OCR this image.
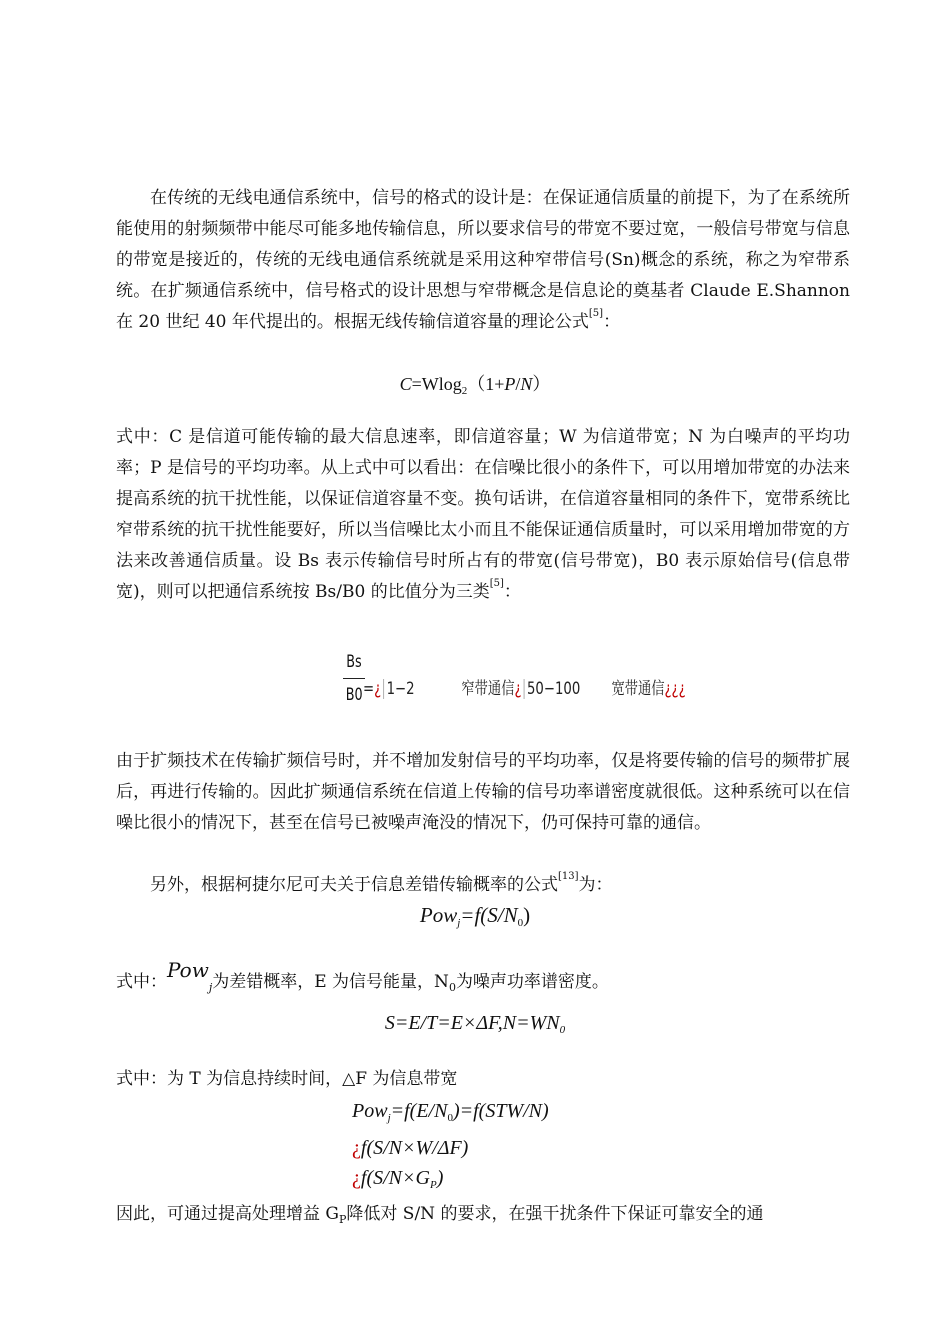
在传统的无线电通信系统中，信号的格式的设计是：在保证通信质量的前提下，为了在系统所能使用的射频频带中能尽可能多地传输信息，所以要求信号的带宽不要过宽，一般信号带宽与信息的带宽是接近的，传统的无线电通信系统就是采用这种窄带信号(Sn)概念的系统，称之为窄带系统。在扩频通信系统中，信号格式的设计思想与窄带概念是信息论的奠基者 Claude E.Shannon 在 20 世纪 40 年代提出的。根据无线传输信道容量的理论公式[5]：

C=Wlog$_2$（1+P/N）

式中：C 是信道可能传输的最大信息速率，即信道容量；W 为信道带宽；N 为白噪声的平均功率；P 是信号的平均功率。从上式中可以看出：在信噪比很小的条件下，可以用增加带宽的办法来提高系统的抗干扰性能，以保证信道容量不变。换句话讲，在信道容量相同的条件下，宽带系统比窄带系统的抗干扰性能要好，所以当信噪比太小而且不能保证通信质量时，可以采用增加带宽的方法来改善通信质量。设 Bs 表示传输信号时所占有的带宽(信号带宽)，B0 表示原始信号(信息带宽)，则可以把通信系统按 Bs/B0 的比值分为三类[5]：

Bs
B0 =¿ 1−2	窄带通信¿ 50−100 宽带通信¿¿¿

由于扩频技术在传输扩频信号时，并不增加发射信号的平均功率，仅是将要传输的信号的频带扩展后，再进行传输的。因此扩频通信系统在信道上传输的信号功率谱密度就很低。这种系统可以在信噪比很小的情况下，甚至在信号已被噪声淹没的情况下，仍可保持可靠的通信。

另外，根据柯捷尔尼可夫关于信息差错传输概率的公式[13]为：

$Pow_j=f(S/N_0)$

式中：Pow$_j$为差错概率，E 为信号能量，$N_0$为噪声功率谱密度。

$S=E/T=E\times\Delta F,N=WN_0$

式中：为 T 为信息持续时间，△F 为信息带宽

$Pow_j=f(E/N_0)=f(STW/N)$
¿f(S/N×W/ΔF)
¿$f(S/N\times G_P)$

因此，可通过提高处理增益 $G_P$降低对 S/N 的要求，在强干扰条件下保证可靠安全的通
